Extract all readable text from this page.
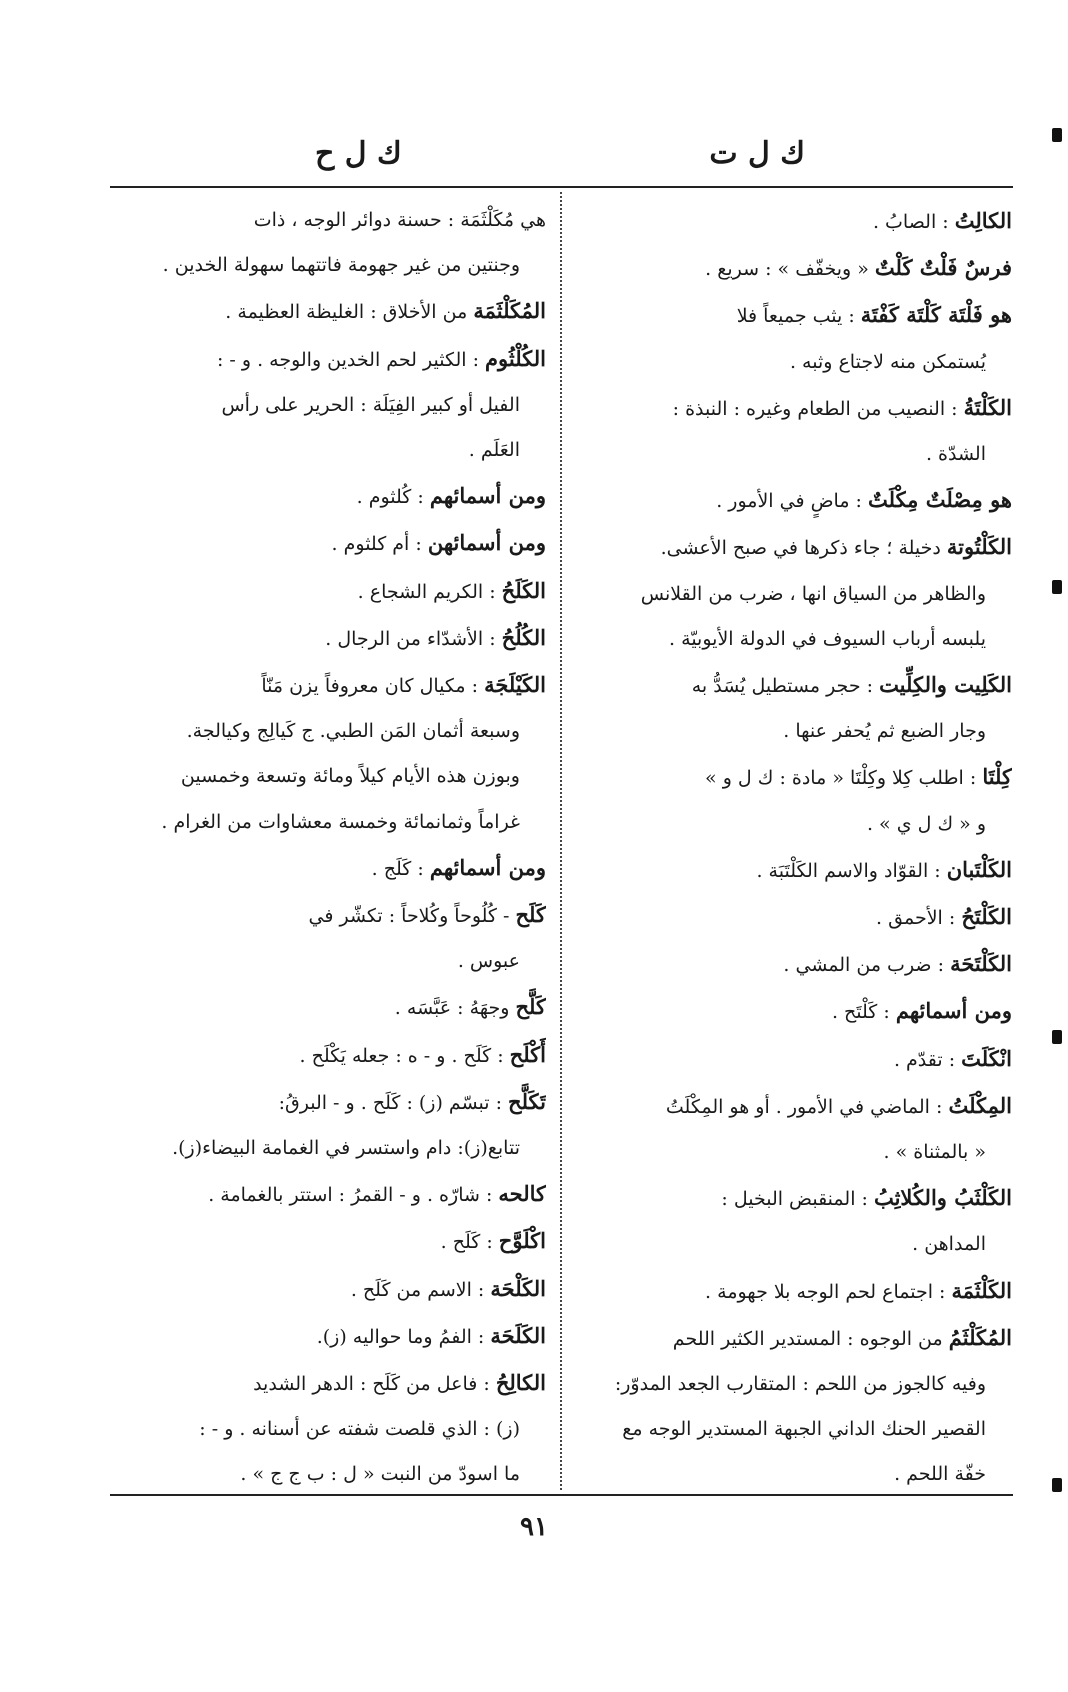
ك ل ت
ك ل ح

الكالِتُ : الصابُ .

فرسٌ فَلْتٌ كَلْتٌ « ويخفّف » : سريع .

هو فَلْتَة كَلْتَة كَفْتَة : يثب جميعاً فلا

يُستمكن منه لاجتاع وثبه .

الكَلْتَةُ : النصيب من الطعام وغيره : النبذة :

الشدّة .

هو مِصْلَتٌ مِكْلَتٌ : ماضٍ في الأمور .

الكَلْتُوتة دخيلة ؛ جاء ذكرها في صبح الأعشى.

والظاهر من السياق انها ، ضرب من القلانس

يلبسه أرباب السيوف في الدولة الأيوبيّة .

الكَلِيت والكِلِّيت : حجر مستطيل يُسَدُّ به

وجار الضبع ثم يُحفر عنها .

كِلْتَا : اطلب كِلا وكِلْتَا « مادة : ك ل و »

و « ك ل ي » .

الكَلْتَبان : القوّاد والاسم الكَلْتَبَة .

الكَلْتَحُ : الأحمق .

الكَلْتَحَة : ضرب من المشي .

ومن أسمائهم : كَلْتَح .

انْكَلَتَ : تقدّم .

المِكْلَتُ : الماضي في الأمور . أو هو المِكْلَتُ

« بالمثناة » .

الكَلْثَبُ والكُلاثِبُ : المنقبض البخيل :

المداهن .

الكَلْثَمَة : اجتماع لحم الوجه بلا جهومة .

المُكَلْثَمُ من الوجوه : المستدير الكثير اللحم

وفيه كالجوز من اللحم : المتقارب الجعد المدوّر:

القصير الحنك الداني الجبهة المستدير الوجه مع

خفّة اللحم .

هي مُكَلْثَمَة : حسنة دوائر الوجه ، ذات

وجنتين من غير جهومة فاتتهما سهولة الخدين .

المُكَلْثَمَة من الأخلاق : الغليظة العظيمة .

الكُلْثُوم : الكثير لحم الخدين والوجه . و - :

الفيل أو كبير الفِيَلَة : الحرير على رأس

العَلَم .

ومن أسمائهم : كُلثوم .

ومن أسمائهن : أم كلثوم .

الكَلَحُ : الكريم الشجاع .

الكُلُحُ : الأشدّاء من الرجال .

الكَيْلَجَة : مكيال كان معروفاً يزن مَنّاً

وسبعة أثمان المَن الطبي. ج كَيالِج وكيالجة.

وبوزن هذه الأيام كيلاً ومائة وتسعة وخمسين

غراماً وثمانمائة وخمسة معشاوات من الغرام .

ومن أسمائهم : كَلَج .

كَلَح - كُلُوحاً وكُلاحاً : تكشّر في

عبوس .

كَلَّح وجهَهُ : عَبَّسَه .

أَكْلَح : كَلَح . و - ه : جعله يَكْلَح .

تَكَلَّح : تبسّم (ز) : كَلَح . و - البرقُ:

تتابع(ز): دام واستسر في الغمامة البيضاء(ز).

كالحه : شارّه . و - القمرُ : استتر بالغمامة .

اكْلَوَّح : كَلَح .

الكَلْحَة : الاسم من كَلَح .

الكَلَحَة : الفمُ وما حواليه (ز).

الكالِحُ : فاعل من كَلَح : الدهر الشديد

(ز) : الذي قلصت شفته عن أسنانه . و - :

ما اسودّ من النبت « ل : ب ج ج » .

٩١
